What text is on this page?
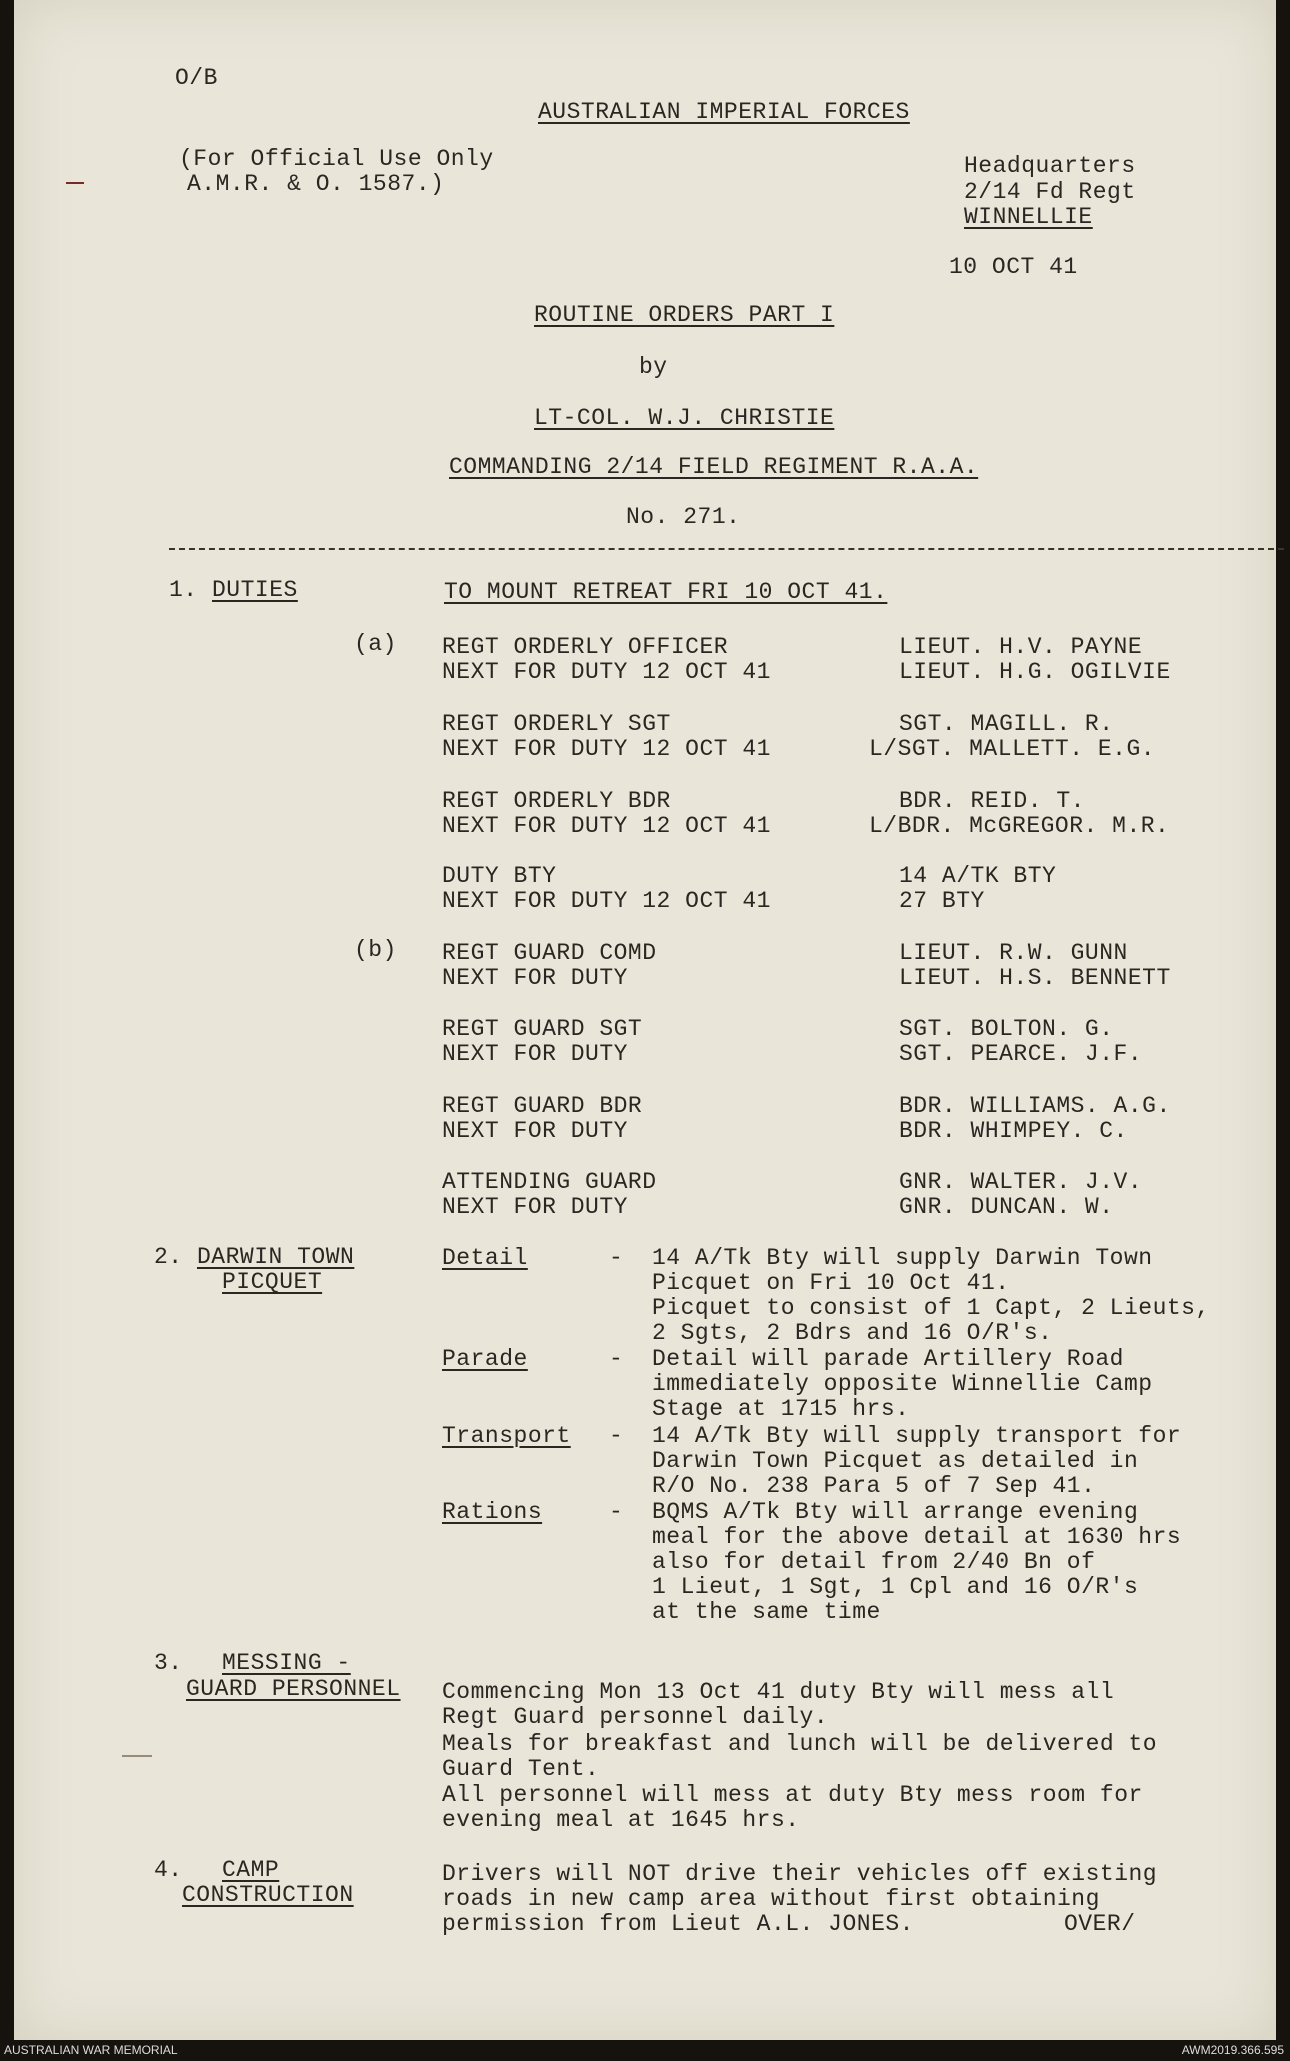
O/B
AUSTRALIAN IMPERIAL FORCES
(For Official Use Only
A.M.R. & O. 1587.)
Headquarters
2/14 Fd Regt
WINNELLIE
10 OCT 41
ROUTINE ORDERS PART I
by
LT-COL. W.J. CHRISTIE
COMMANDING 2/14 FIELD REGIMENT R.A.A.
No. 271.
1. DUTIES	TO MOUNT RETREAT FRI 10 OCT 41.
(a)
(b)
REGT ORDERLY OFFICER	LIEUT. H.V. PAYNE
NEXT FOR DUTY 12 OCT 41	LIEUT. H.G. OGILVIE
REGT ORDERLY SGT	SGT. MAGILL. R.
NEXT FOR DUTY 12 OCT 41	L/SGT. MALLETT. E.G.
REGT ORDERLY BDR	BDR. REID. T.
NEXT FOR DUTY 12 OCT 41	L/BDR. McGREGOR. M.R.
DUTY BTY	14 A/TK BTY
NEXT FOR DUTY 12 OCT 41	27 BTY
REGT GUARD COMD	LIEUT. R.W. GUNN
NEXT FOR DUTY	LIEUT. H.S. BENNETT
REGT GUARD SGT	SGT. BOLTON. G.
NEXT FOR DUTY	SGT. PEARCE. J.F.
REGT GUARD BDR	BDR. WILLIAMS. A.G.
NEXT FOR DUTY	BDR. WHIMPEY. C.
ATTENDING GUARD	GNR. WALTER. J.V.
NEXT FOR DUTY	GNR. DUNCAN. W.
2. DARWIN TOWN
PICQUET
Detail	- 14 A/Tk Bty will supply Darwin Town
Picquet on Fri 10 Oct 41.
Picquet to consist of 1 Capt, 2 Lieuts,
2 Sgts, 2 Bdrs and 16 O/R's.
Parade	- Detail will parade Artillery Road
immediately opposite Winnellie Camp
Stage at 1715 hrs.
Transport - 14 A/Tk Bty will supply transport for
Darwin Town Picquet as detailed in
R/O No. 238 Para 5 of 7 Sep 41.
Rations	- BQMS A/Tk Bty will arrange evening
meal for the above detail at 1630 hrs
also for detail from 2/40 Bn of
1 Lieut, 1 Sgt, 1 Cpl and 16 O/R's
at the same time
3. MESSING -
GUARD PERSONNEL Commencing Mon 13 Oct 41 duty Bty will mess all
Regt Guard personnel daily.
Meals for breakfast and lunch will be delivered to
Guard Tent.
All personnel will mess at duty Bty mess room for
evening meal at 1645 hrs.
4. CAMP
CONSTRUCTION
Drivers will NOT drive their vehicles off existing
roads in new camp area without first obtaining
permission from Lieut A.L. JONES.	OVER/
AUSTRALIAN WAR MEMORIAL	AWM2019.366.595
